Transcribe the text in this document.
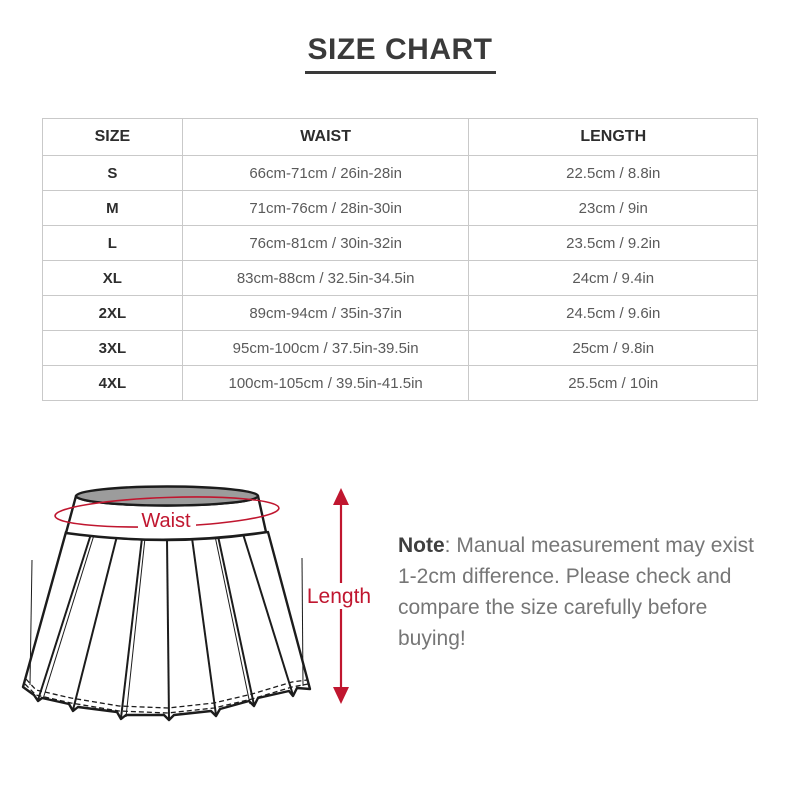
SIZE CHART
SIZE	WAIST	LENGTH
S	66cm-71cm / 26in-28in	22.5cm / 8.8in
M	71cm-76cm / 28in-30in	23cm / 9in
L	76cm-81cm / 30in-32in	23.5cm / 9.2in
XL	83cm-88cm / 32.5in-34.5in	24cm / 9.4in
2XL	89cm-94cm / 35in-37in	24.5cm / 9.6in
3XL	95cm-100cm / 37.5in-39.5in	25cm / 9.8in
4XL	100cm-105cm / 39.5in-41.5in	25.5cm / 10in
Waist
Length
Note: Manual measurement may exist 1-2cm difference. Please check and compare the size carefully before buying!
